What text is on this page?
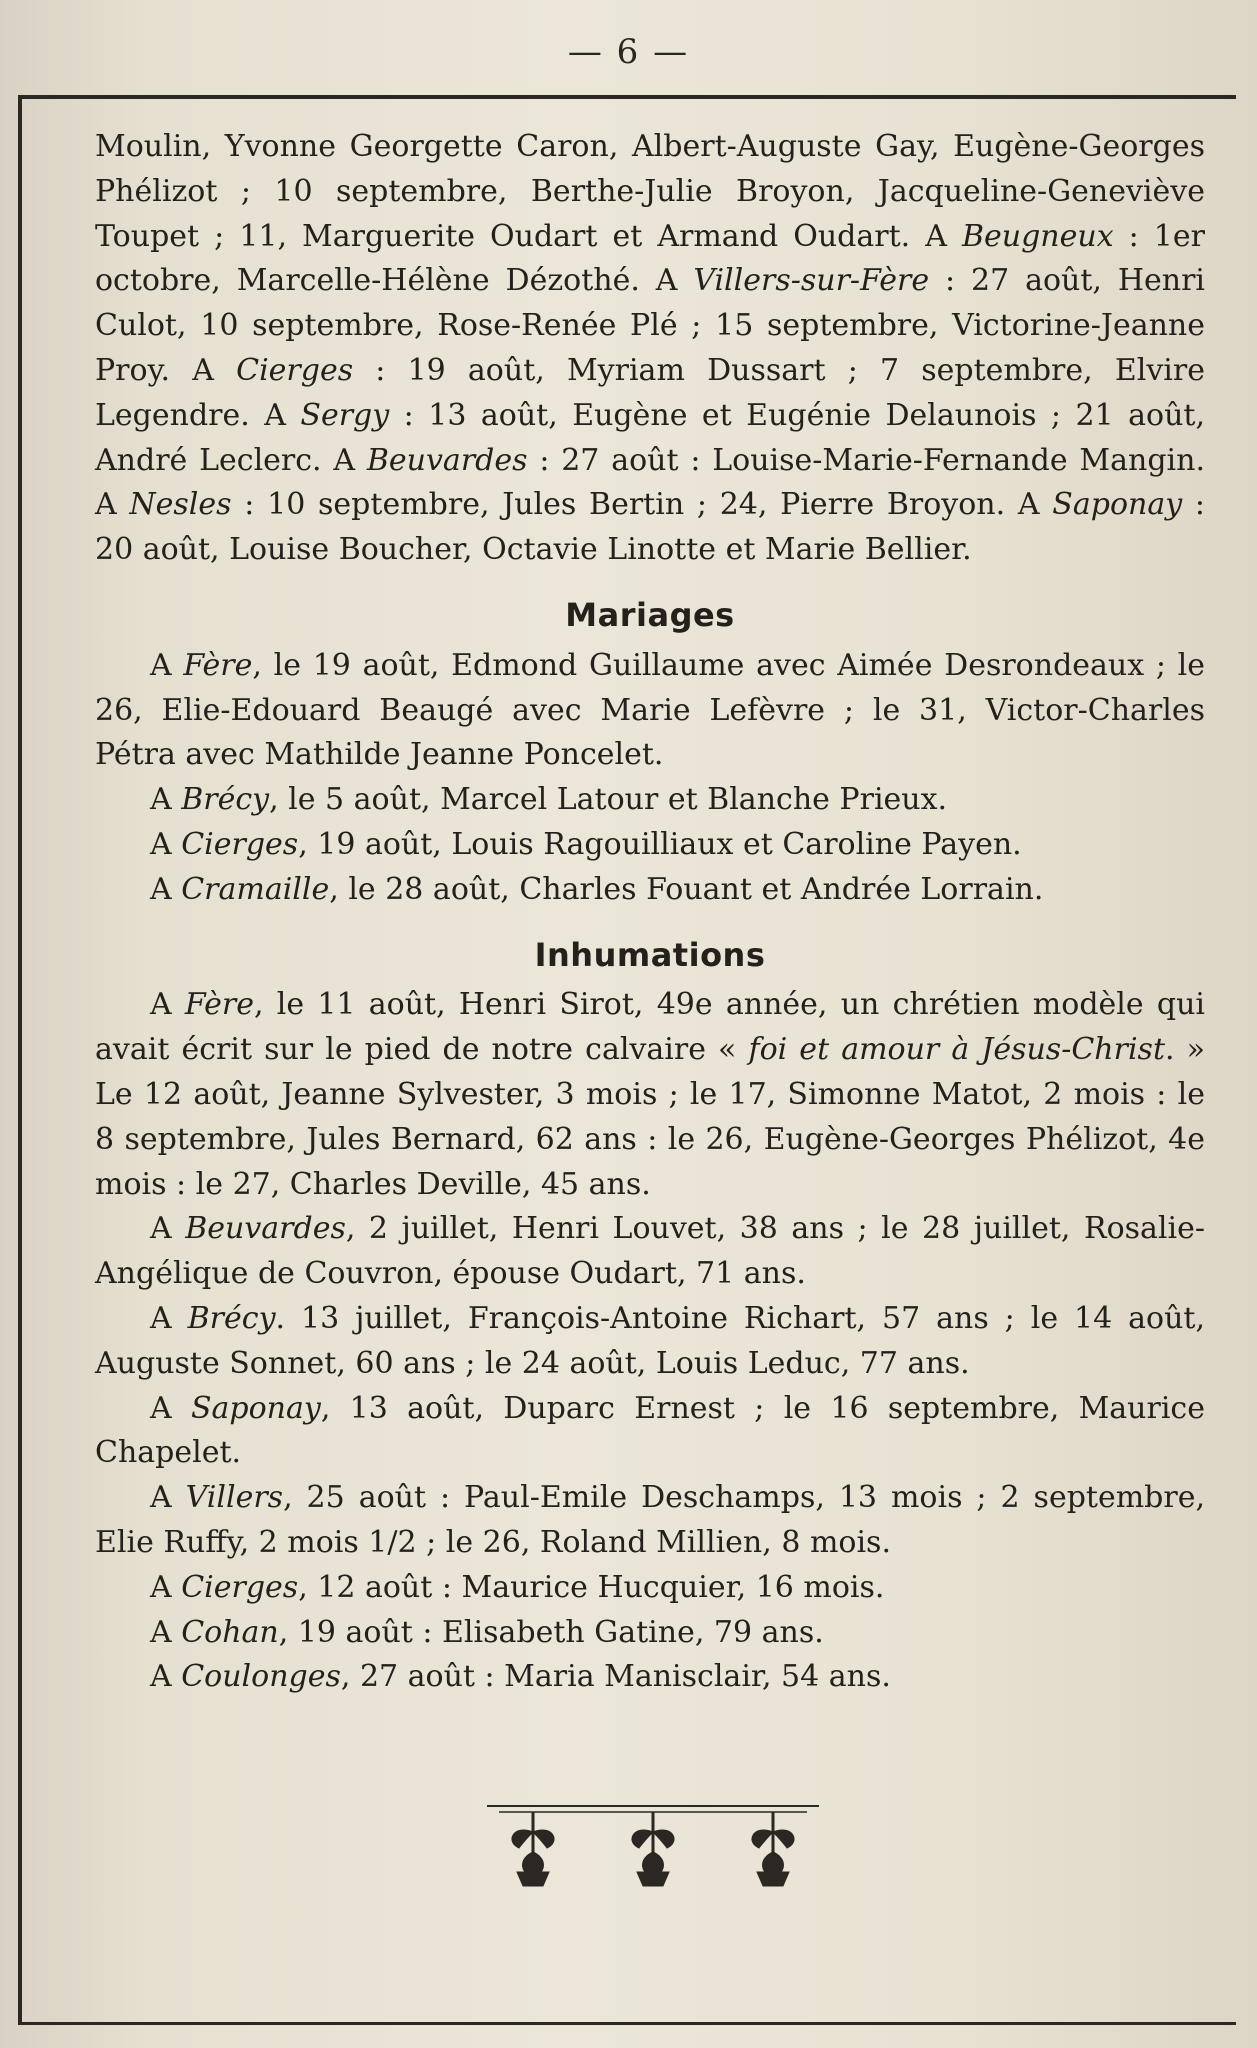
— 6 —

Moulin, Yvonne Georgette Caron, Albert-Auguste Gay, Eugène-Georges Phélizot ; 10 septembre, Berthe-Julie Broyon, Jacqueline-Geneviève Toupet ; 11, Marguerite Oudart et Armand Oudart. A Beugneux : 1er octobre, Marcelle-Hélène Dézothé. A Villers-sur-Fère : 27 août, Henri Culot, 10 septembre, Rose-Renée Plé ; 15 septembre, Victorine-Jeanne Proy. A Cierges : 19 août, Myriam Dussart ; 7 septembre, Elvire Legendre. A Sergy : 13 août, Eugène et Eugénie Delaunois ; 21 août, André Leclerc. A Beuvardes : 27 août : Louise-Marie-Fernande Mangin. A Nesles : 10 septembre, Jules Bertin ; 24, Pierre Broyon. A Saponay : 20 août, Louise Boucher, Octavie Linotte et Marie Bellier.

Mariages

A Fère, le 19 août, Edmond Guillaume avec Aimée Desrondeaux ; le 26, Elie-Edouard Beaugé avec Marie Lefèvre ; le 31, Victor-Charles Pétra avec Mathilde Jeanne Poncelet.

A Brécy, le 5 août, Marcel Latour et Blanche Prieux.

A Cierges, 19 août, Louis Ragouilliaux et Caroline Payen.

A Cramaille, le 28 août, Charles Fouant et Andrée Lorrain.

Inhumations

A Fère, le 11 août, Henri Sirot, 49e année, un chrétien modèle qui avait écrit sur le pied de notre calvaire « foi et amour à Jésus-Christ. » Le 12 août, Jeanne Sylvester, 3 mois ; le 17, Simonne Matot, 2 mois : le 8 septembre, Jules Bernard, 62 ans : le 26, Eugène-Georges Phélizot, 4e mois : le 27, Charles Deville, 45 ans.

A Beuvardes, 2 juillet, Henri Louvet, 38 ans ; le 28 juillet, Rosalie-Angélique de Couvron, épouse Oudart, 71 ans.

A Brécy. 13 juillet, François-Antoine Richart, 57 ans ; le 14 août, Auguste Sonnet, 60 ans ; le 24 août, Louis Leduc, 77 ans.

A Saponay, 13 août, Duparc Ernest ; le 16 septembre, Maurice Chapelet.

A Villers, 25 août : Paul-Emile Deschamps, 13 mois ; 2 septembre, Elie Ruffy, 2 mois 1/2 ; le 26, Roland Millien, 8 mois.

A Cierges, 12 août : Maurice Hucquier, 16 mois.

A Cohan, 19 août : Elisabeth Gatine, 79 ans.

A Coulonges, 27 août : Maria Manisclair, 54 ans.
